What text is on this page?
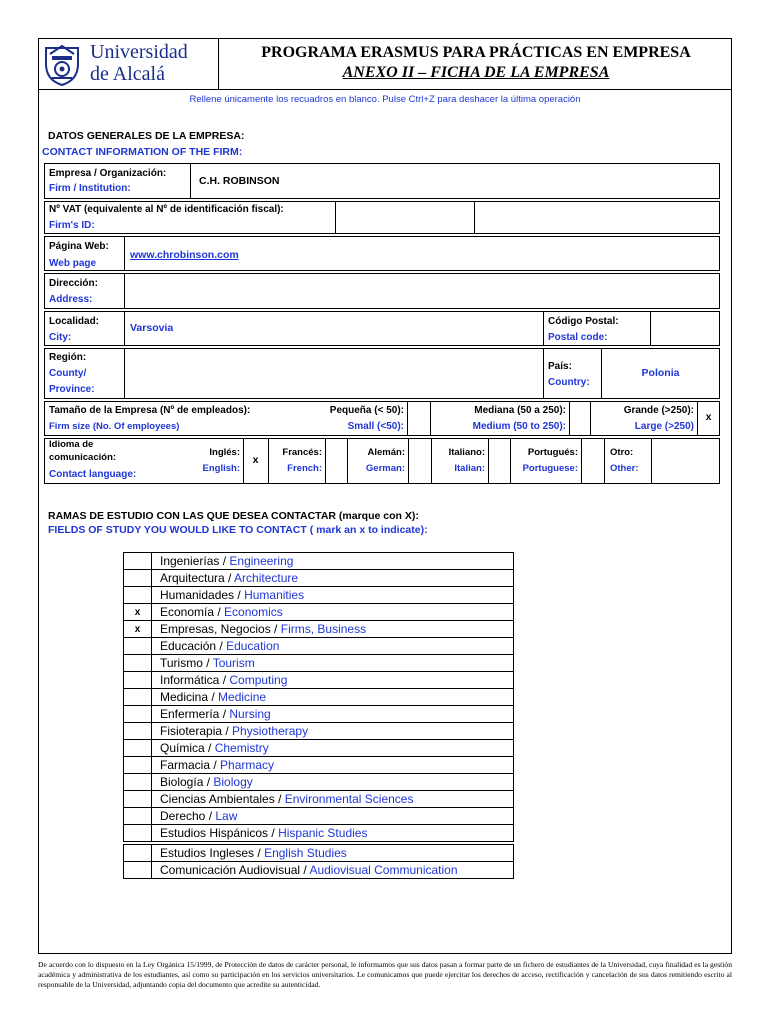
Universidad
de Alcalá
PROGRAMA ERASMUS PARA PRÁCTICAS EN EMPRESA
ANEXO II – FICHA DE LA EMPRESA
Rellene únicamente los recuadros en blanco. Pulse Ctrl+Z para deshacer la última operación
DATOS GENERALES DE LA EMPRESA:
CONTACT INFORMATION OF THE FIRM:
Empresa / Organización:
Firm / Institution:
C.H. ROBINSON
Nº VAT (equivalente al Nº de identificación fiscal):
Firm's ID:
Página Web:
Web page
www.chrobinson.com
Dirección:
Address:
Localidad:
City:
Varsovia
Código Postal:
Postal code:
Región:
County/
Province:
País:
Country:
Polonia
Tamaño de la Empresa (Nº de empleados):
Firm size (No. Of employees)
Pequeña (< 50):
Small (<50):
Mediana (50 a 250):
Medium (50 to 250):
Grande (>250):
Large (>250)
x
Idioma de
comunicación:
Contact language:
Inglés:
English:
x
Francés:
French:
Alemán:
German:
Italiano:
Italian:
Portugués:
Portuguese:
Otro:
Other:
RAMAS DE ESTUDIO CON LAS QUE DESEA CONTACTAR (marque con X):
FIELDS OF STUDY YOU WOULD LIKE TO CONTACT ( mark an x to indicate):
	Ingenierías / Engineering
	Arquitectura / Architecture
	Humanidades / Humanities
x	Economía / Economics
x	Empresas, Negocios / Firms, Business
	Educación / Education
	Turismo / Tourism
	Informática / Computing
	Medicina / Medicine
	Enfermería / Nursing
	Fisioterapia / Physiotherapy
	Química / Chemistry
	Farmacia / Pharmacy
	Biología / Biology
	Ciencias Ambientales / Environmental Sciences
	Derecho / Law
	Estudios Hispánicos / Hispanic Studies
	Estudios Ingleses / English Studies
	Comunicación Audiovisual / Audiovisual Communication
De acuerdo con lo dispuesto en la Ley Orgánica 15/1999, de Protección de datos de carácter personal, le informamos que sus datos pasan a formar parte de un fichero de estudiantes de la Universidad, cuya finalidad es la gestión académica y administrativa de los estudiantes, así como su participación en los servicios universitarios. Le comunicamos que puede ejercitar los derechos de acceso, rectificación y cancelación de sus datos remitiendo escrito al responsable de la Universidad, adjuntando copia del documento que acredite su autenticidad.
